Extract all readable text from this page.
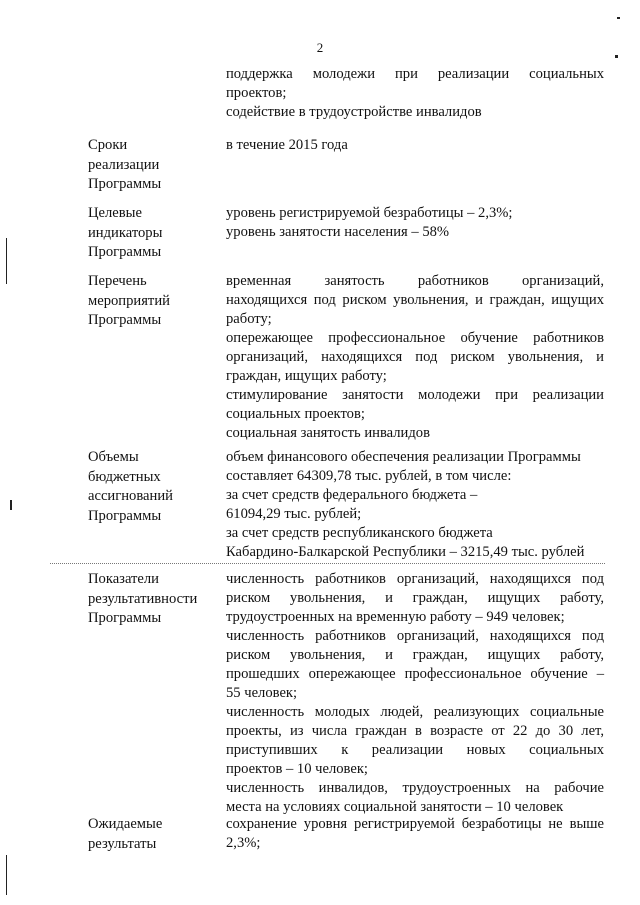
2
поддержка молодежи при реализации социальных
проектов;
содействие в трудоустройстве инвалидов
Сроки
реализации
Программы
в течение 2015 года
Целевые
индикаторы
Программы
уровень регистрируемой безработицы – 2,3%;
уровень занятости населения – 58%
Перечень
мероприятий
Программы
временная занятость работников организаций,
находящихся под риском увольнения, и граждан, ищущих
работу;
опережающее профессиональное обучение работников
организаций, находящихся под риском увольнения, и
граждан, ищущих работу;
стимулирование занятости молодежи при реализации
социальных проектов;
социальная занятость инвалидов
Объемы
бюджетных
ассигнований
Программы
объем финансового обеспечения реализации Программы
составляет 64309,78 тыс. рублей, в том числе:
за счет средств федерального бюджета –
61094,29 тыс. рублей;
за счет средств республиканского бюджета
Кабардино-Балкарской Республики – 3215,49 тыс. рублей
Показатели
результативности
Программы
численность работников организаций, находящихся под
риском увольнения, и граждан, ищущих работу,
трудоустроенных на временную работу – 949 человек;
численность работников организаций, находящихся под
риском увольнения, и граждан, ищущих работу,
прошедших опережающее профессиональное обучение –
55 человек;
численность молодых людей, реализующих социальные
проекты, из числа граждан в возрасте от 22 до 30 лет,
приступивших к реализации новых социальных
проектов – 10 человек;
численность инвалидов, трудоустроенных на рабочие
места на условиях социальной занятости – 10 человек
Ожидаемые
результаты
сохранение уровня регистрируемой безработицы не выше
2,3%;
